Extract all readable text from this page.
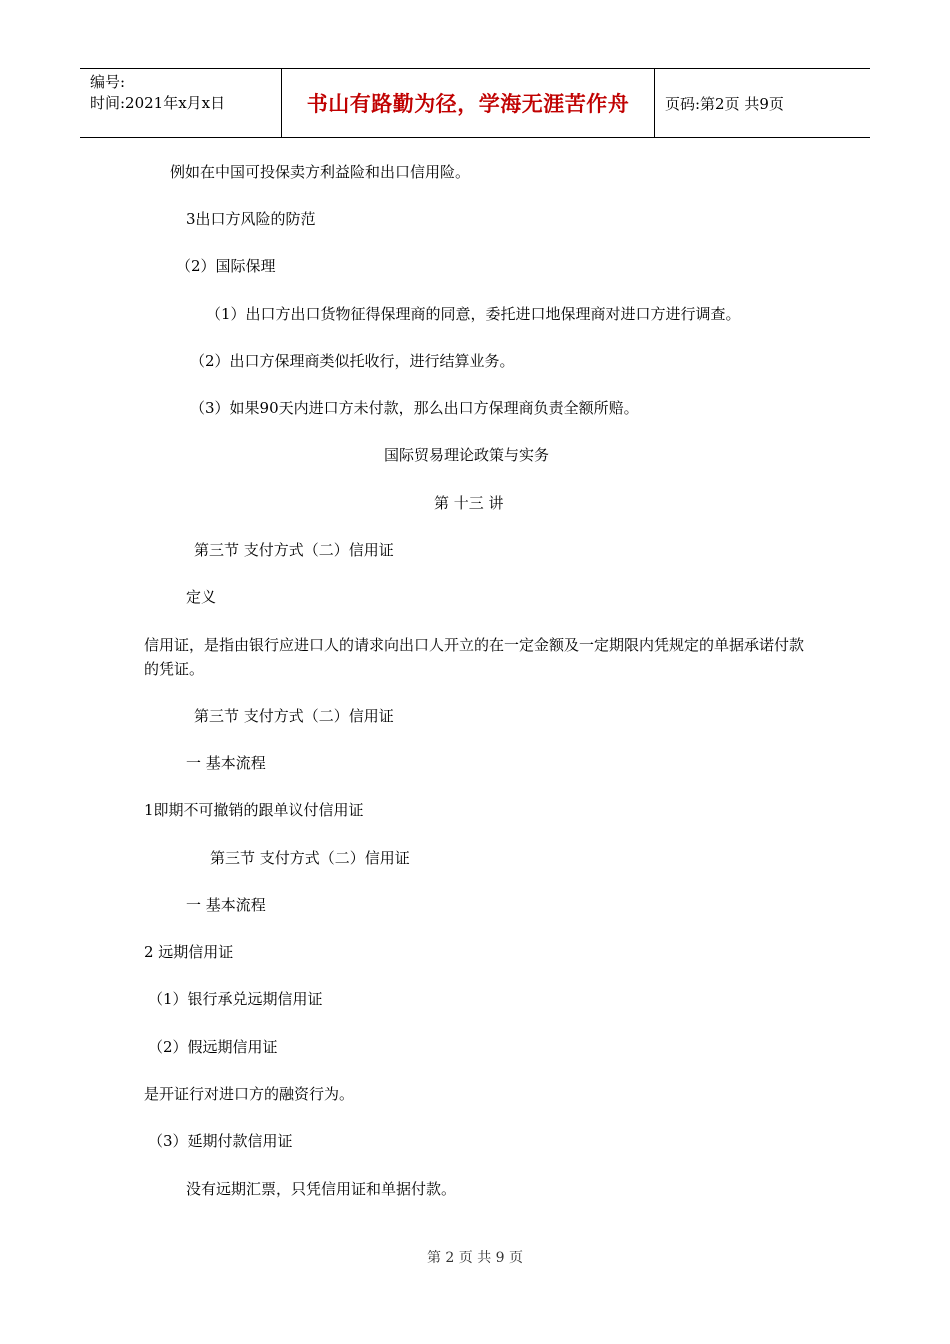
编号:
时间:2021年x月x日	书山有路勤为径，学海无涯苦作舟 页码:第2页 共9页
例如在中国可投保卖方利益险和出口信用险。
3出口方风险的防范
（2）国际保理
（1）出口方出口货物征得保理商的同意，委托进口地保理商对进口方进行调查。
（2）出口方保理商类似托收行，进行结算业务。
（3）如果90天内进口方未付款，那么出口方保理商负责全额所赔。
国际贸易理论政策与实务
第 十三 讲
第三节 支付方式（二）信用证
定义
信用证，是指由银行应进口人的请求向出口人开立的在一定金额及一定期限内凭规定的单据承诺付款的凭证。
第三节 支付方式（二）信用证
一 基本流程
1即期不可撤销的跟单议付信用证
第三节 支付方式（二）信用证
一 基本流程
2 远期信用证
（1）银行承兑远期信用证
（2）假远期信用证
是开证行对进口方的融资行为。
（3）延期付款信用证
没有远期汇票，只凭信用证和单据付款。
第 2 页 共 9 页
